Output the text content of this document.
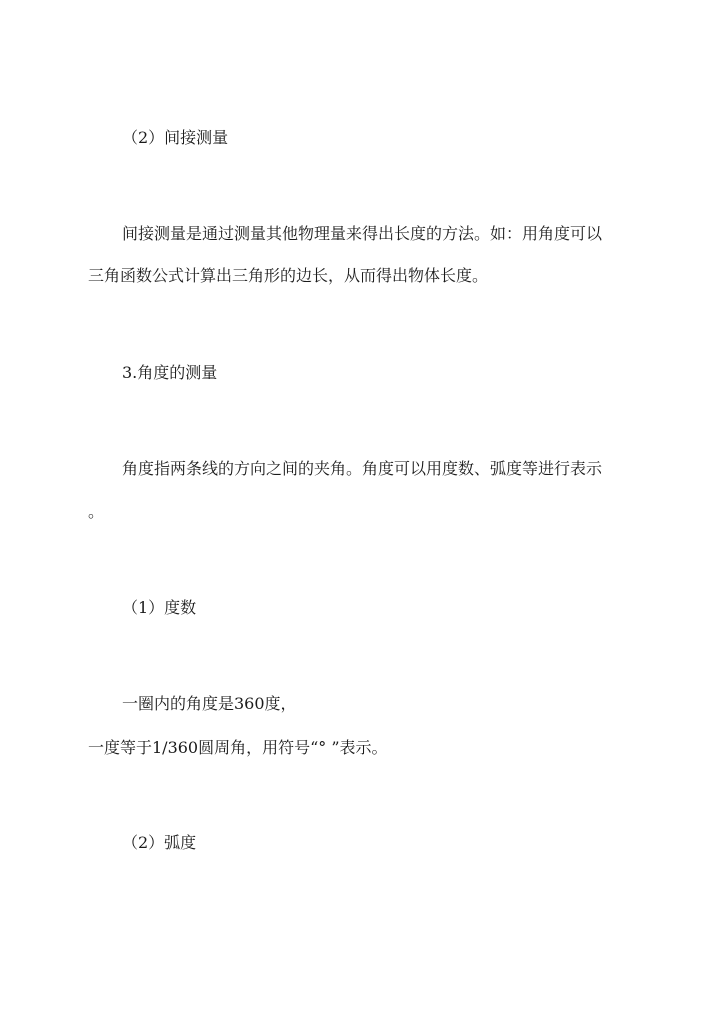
（2）间接测量
间接测量是通过测量其他物理量来得出长度的方法。如：用角度可以
三角函数公式计算出三角形的边长，从而得出物体长度。
3.角度的测量
角度指两条线的方向之间的夹角。角度可以用度数、弧度等进行表示
。
（1）度数
一圈内的角度是360度，
一度等于1/360圆周角，用符号“° ”表示。
（2）弧度
